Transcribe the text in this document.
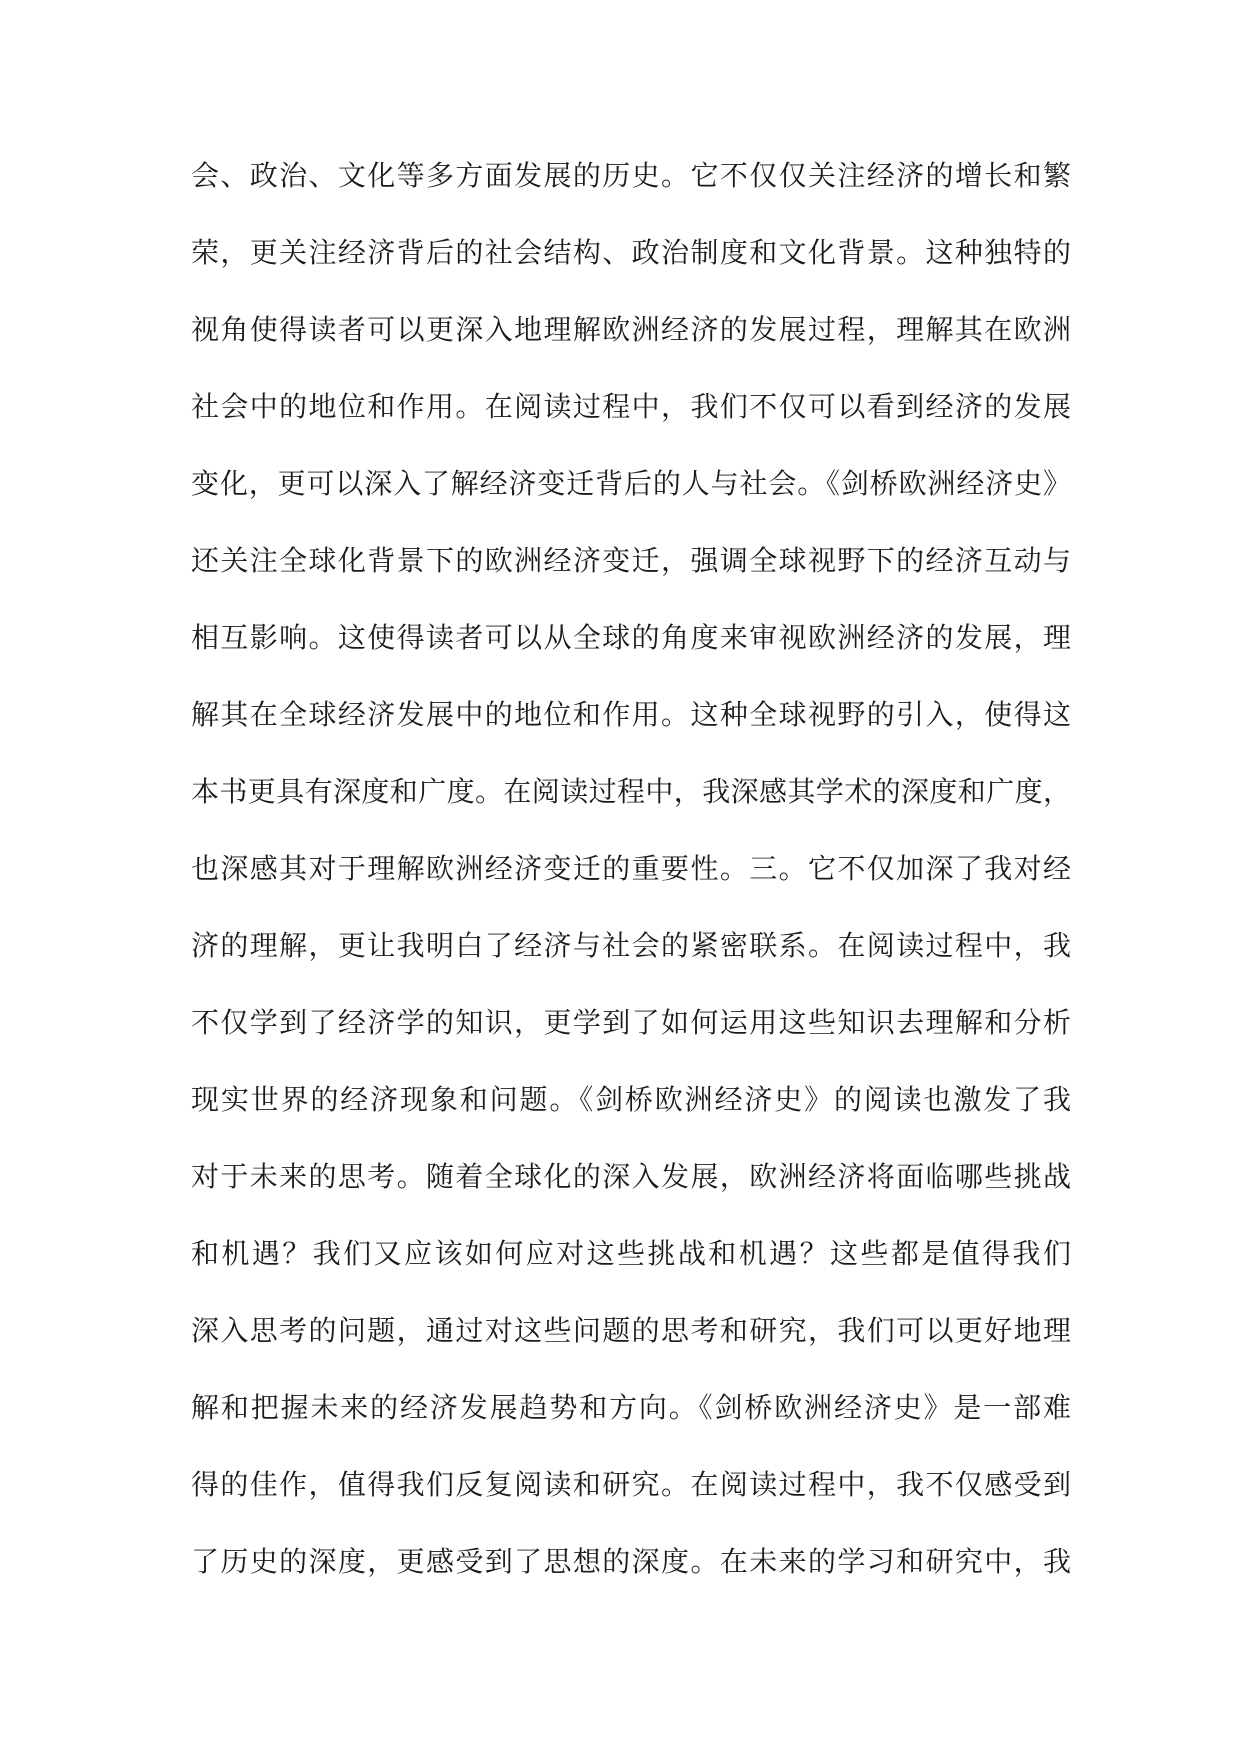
会、政治、文化等多方面发展的历史。它不仅仅关注经济的增长和繁
荣，更关注经济背后的社会结构、政治制度和文化背景。这种独特的
视角使得读者可以更深入地理解欧洲经济的发展过程，理解其在欧洲
社会中的地位和作用。在阅读过程中，我们不仅可以看到经济的发展
变化，更可以深入了解经济变迁背后的人与社会。《剑桥欧洲经济史》
还关注全球化背景下的欧洲经济变迁，强调全球视野下的经济互动与
相互影响。这使得读者可以从全球的角度来审视欧洲经济的发展，理
解其在全球经济发展中的地位和作用。这种全球视野的引入，使得这
本书更具有深度和广度。在阅读过程中，我深感其学术的深度和广度，
也深感其对于理解欧洲经济变迁的重要性。三。它不仅加深了我对经
济的理解，更让我明白了经济与社会的紧密联系。在阅读过程中，我
不仅学到了经济学的知识，更学到了如何运用这些知识去理解和分析
现实世界的经济现象和问题。《剑桥欧洲经济史》的阅读也激发了我
对于未来的思考。随着全球化的深入发展，欧洲经济将面临哪些挑战
和机遇？我们又应该如何应对这些挑战和机遇？这些都是值得我们
深入思考的问题，通过对这些问题的思考和研究，我们可以更好地理
解和把握未来的经济发展趋势和方向。《剑桥欧洲经济史》是一部难
得的佳作，值得我们反复阅读和研究。在阅读过程中，我不仅感受到
了历史的深度，更感受到了思想的深度。在未来的学习和研究中，我
